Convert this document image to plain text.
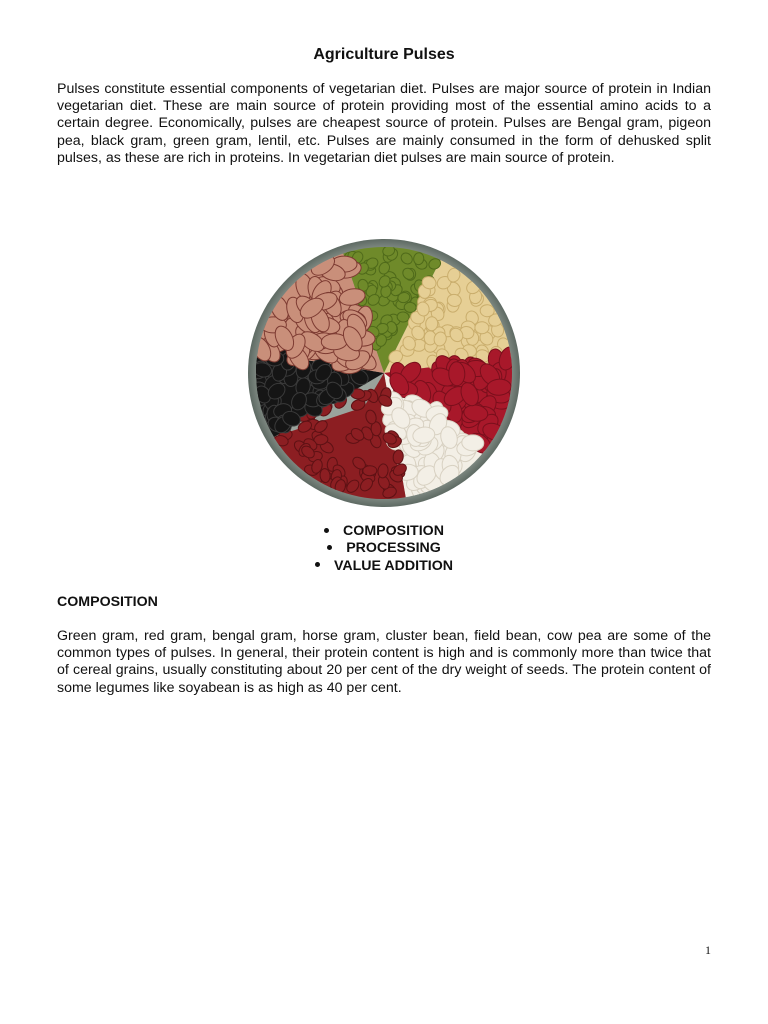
Agriculture Pulses

Pulses constitute essential components of vegetarian diet. Pulses are major source of protein in Indian vegetarian diet. These are main source of protein providing most of the essential amino acids to a certain degree. Economically, pulses are cheapest source of protein. Pulses are Bengal gram, pigeon pea, black gram, green gram, lentil, etc. Pulses are mainly consumed in the form of dehusked split pulses, as these are rich in proteins. In vegetarian diet pulses are main source of protein.

COMPOSITION
PROCESSING
VALUE ADDITION
COMPOSITION

Green gram, red gram, bengal gram, horse gram, cluster bean, field bean, cow pea are some of the common types of pulses. In general, their protein content is high and is commonly more than twice that of cereal grains, usually constituting about 20 per cent of the dry weight of seeds. The protein content of some legumes like soyabean is as high as 40 per cent.

1
